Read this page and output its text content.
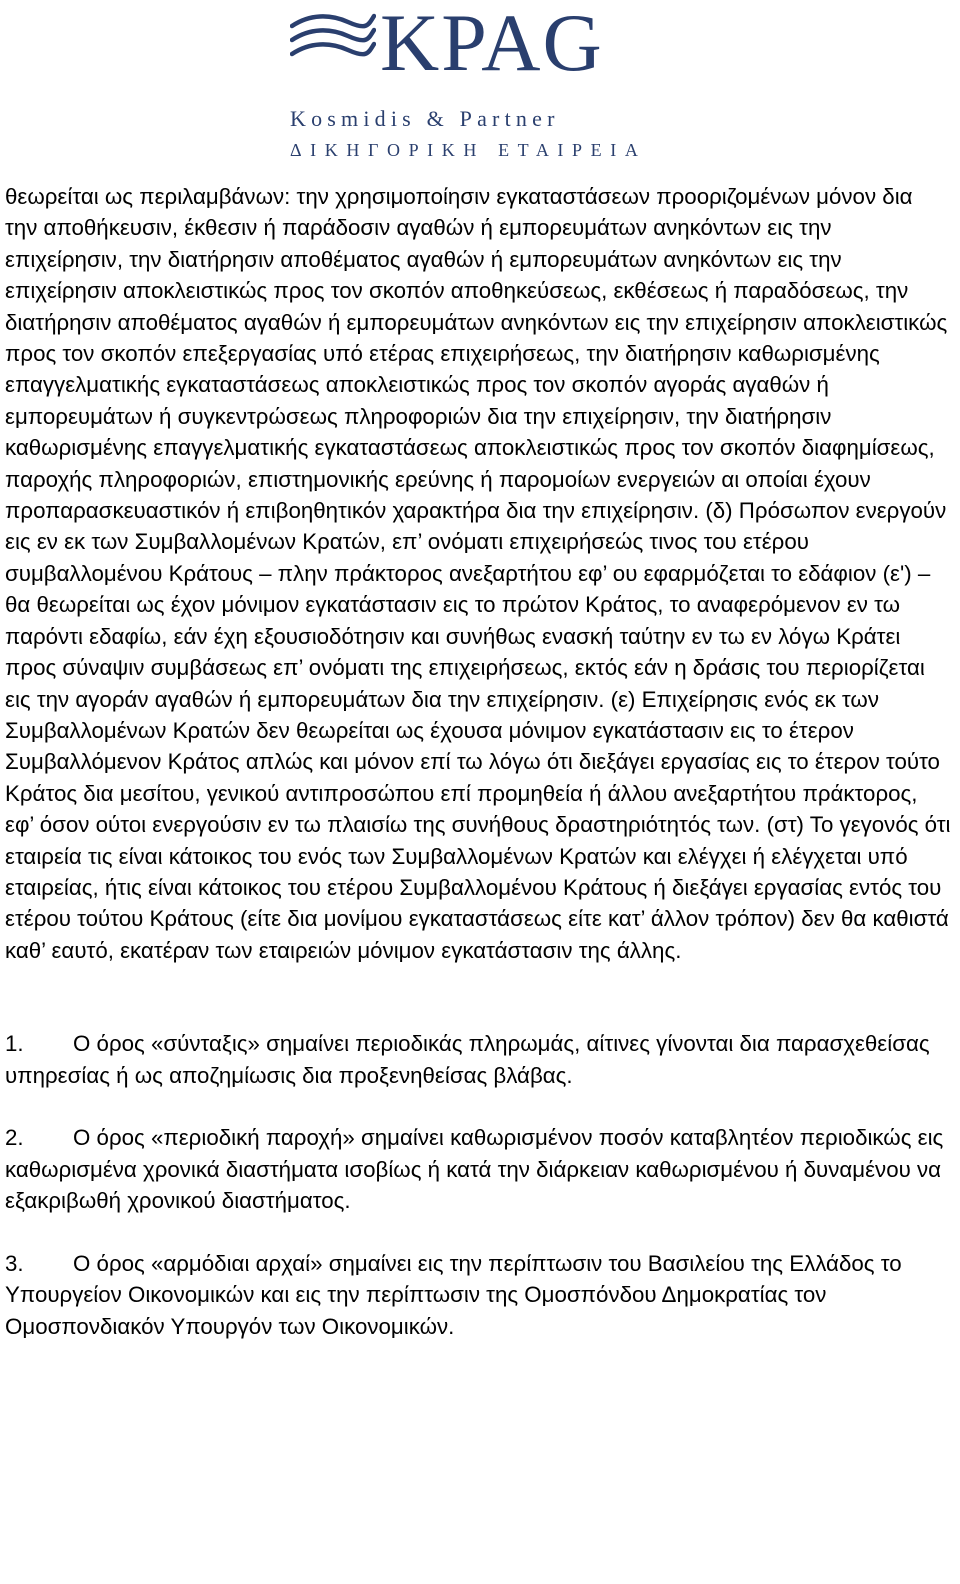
KPAG
Kosmidis & Partner
ΔΙΚΗΓΟΡΙΚΗ ΕΤΑΙΡΕΙΑ

θεωρείται ως περιλαμβάνων: την χρησιμοποίησιν εγκαταστάσεων προοριζομένων μόνον δια την αποθήκευσιν, έκθεσιν ή παράδοσιν αγαθών ή εμπορευμάτων ανηκόντων εις την επιχείρησιν, την διατήρησιν αποθέματος αγαθών ή εμπορευμάτων ανηκόντων εις την επιχείρησιν αποκλειστικώς προς τον σκοπόν αποθηκεύσεως, εκθέσεως ή παραδόσεως, την διατήρησιν αποθέματος αγαθών ή εμπορευμάτων ανηκόντων εις την επιχείρησιν αποκλειστικώς προς τον σκοπόν επεξεργασίας υπό ετέρας επιχειρήσεως, την διατήρησιν καθωρισμένης επαγγελματικής εγκαταστάσεως αποκλειστικώς προς τον σκοπόν αγοράς αγαθών ή εμπορευμάτων ή συγκεντρώσεως πληροφοριών δια την επιχείρησιν, την διατήρησιν καθωρισμένης επαγγελματικής εγκαταστάσεως αποκλειστικώς προς τον σκοπόν διαφημίσεως, παροχής πληροφοριών, επιστημονικής ερεύνης ή παρομοίων ενεργειών αι οποίαι έχουν προπαρασκευαστικόν ή επιβοηθητικόν χαρακτήρα δια την επιχείρησιν. (δ) Πρόσωπον ενεργούν εις εν εκ των Συμβαλλομένων Κρατών, επ’ ονόματι επιχειρήσεώς τινος του ετέρου συμβαλλομένου Κράτους – πλην πράκτορος ανεξαρτήτου εφ’ ου εφαρμόζεται το εδάφιον (ε') – θα θεωρείται ως έχον μόνιμον εγκατάστασιν εις το πρώτον Κράτος, το αναφερόμενον εν τω παρόντι εδαφίω, εάν έχη εξουσιοδότησιν και συνήθως ενασκή ταύτην εν τω εν λόγω Κράτει προς σύναψιν συμβάσεως επ’ ονόματι της επιχειρήσεως, εκτός εάν η δράσις του περιορίζεται εις την αγοράν αγαθών ή εμπορευμάτων δια την επιχείρησιν. (ε) Επιχείρησις ενός εκ των Συμβαλλομένων Κρατών δεν θεωρείται ως έχουσα μόνιμον εγκατάστασιν εις το έτερον Συμβαλλόμενον Κράτος απλώς και μόνον επί τω λόγω ότι διεξάγει εργασίας εις το έτερον τούτο Κράτος δια μεσίτου, γενικού αντιπροσώπου επί προμηθεία ή άλλου ανεξαρτήτου πράκτορος, εφ’ όσον ούτοι ενεργούσιν εν τω πλαισίω της συνήθους δραστηριότητός των. (στ) Το γεγονός ότι εταιρεία τις είναι κάτοικος του ενός των Συμβαλλομένων Κρατών και ελέγχει ή ελέγχεται υπό εταιρείας, ήτις είναι κάτοικος του ετέρου Συμβαλλομένου Κράτους ή διεξάγει εργασίας εντός του ετέρου τούτου Κράτους (είτε δια μονίμου εγκαταστάσεως είτε κατ’ άλλον τρόπον) δεν θα καθιστά καθ’ εαυτό, εκατέραν των εταιρειών μόνιμον εγκατάστασιν της άλλης.

1. Ο όρος «σύνταξις» σημαίνει περιοδικάς πληρωμάς, αίτινες γίνονται δια παρασχεθείσας υπηρεσίας ή ως αποζημίωσις δια προξενηθείσας βλάβας.

2. Ο όρος «περιοδική παροχή» σημαίνει καθωρισμένον ποσόν καταβλητέον περιοδικώς εις καθωρισμένα χρονικά διαστήματα ισοβίως ή κατά την διάρκειαν καθωρισμένου ή δυναμένου να εξακριβωθή χρονικού διαστήματος.

3. Ο όρος «αρμόδιαι αρχαί» σημαίνει εις την περίπτωσιν του Βασιλείου της Ελλάδος το Υπουργείον Οικονομικών και εις την περίπτωσιν της Ομοσπόνδου Δημοκρατίας τον Ομοσπονδιακόν Υπουργόν των Οικονομικών.
